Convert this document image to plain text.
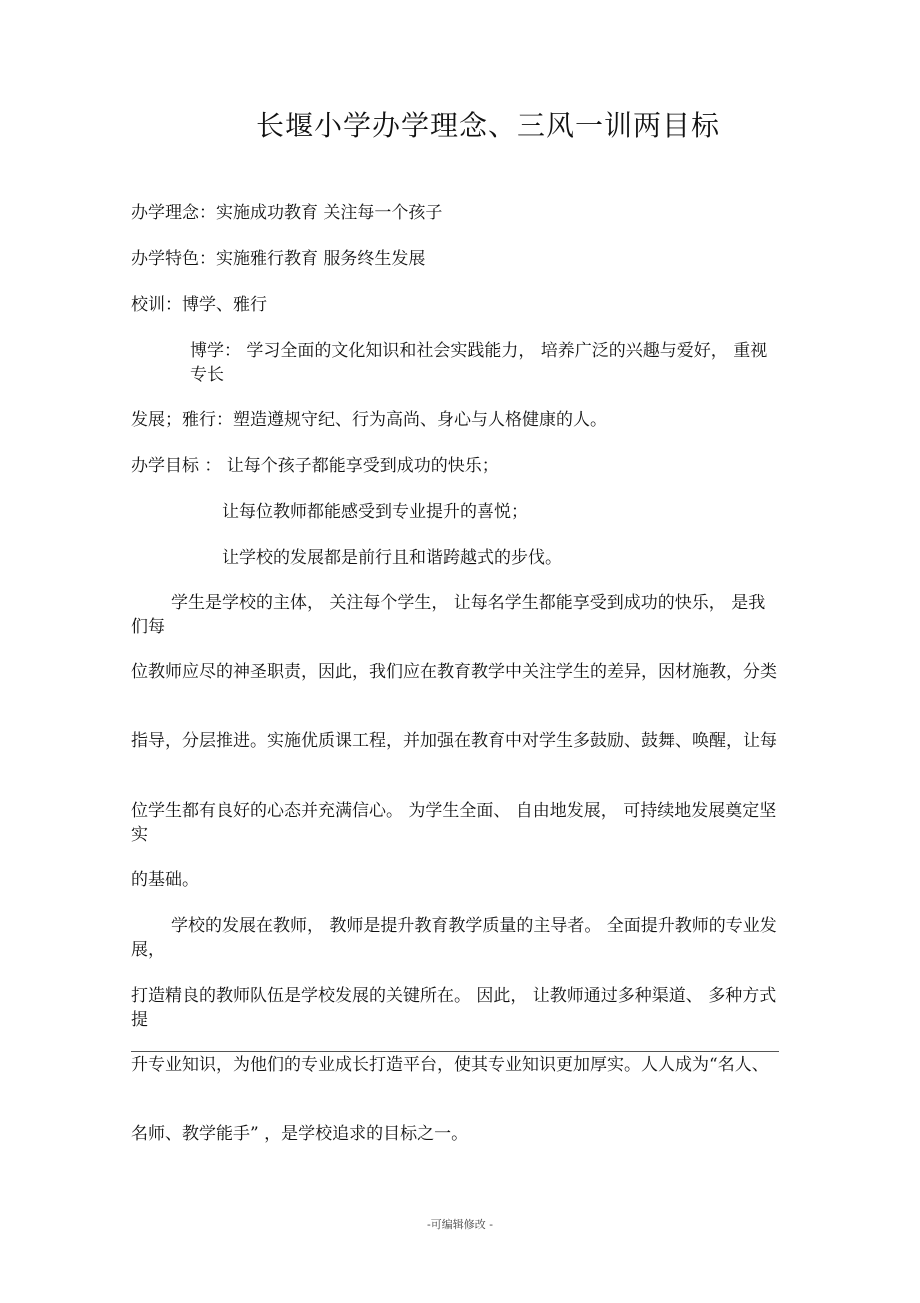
长堰小学办学理念、三风一训两目标
办学理念：实施成功教育 关注每一个孩子
办学特色：实施雅行教育 服务终生发展
校训：博学、雅行
博学： 学习全面的文化知识和社会实践能力， 培养广泛的兴趣与爱好， 重视专长
发展；雅行：塑造遵规守纪、行为高尚、身心与人格健康的人。
办学目标 ： 让每个孩子都能享受到成功的快乐；
让每位教师都能感受到专业提升的喜悦；
让学校的发展都是前行且和谐跨越式的步伐。
学生是学校的主体， 关注每个学生， 让每名学生都能享受到成功的快乐， 是我们每
位教师应尽的神圣职责，因此，我们应在教育教学中关注学生的差异，因材施教，分类
指导，分层推进。实施优质课工程，并加强在教育中对学生多鼓励、鼓舞、唤醒，让每
位学生都有良好的心态并充满信心。 为学生全面、 自由地发展， 可持续地发展奠定坚实
的基础。
学校的发展在教师， 教师是提升教育教学质量的主导者。 全面提升教师的专业发展，
打造精良的教师队伍是学校发展的关键所在。 因此， 让教师通过多种渠道、 多种方式提
升专业知识，为他们的专业成长打造平台，使其专业知识更加厚实。人人成为“名人、
名师、教学能手” ，是学校追求的目标之一。
-可编辑修改 -
